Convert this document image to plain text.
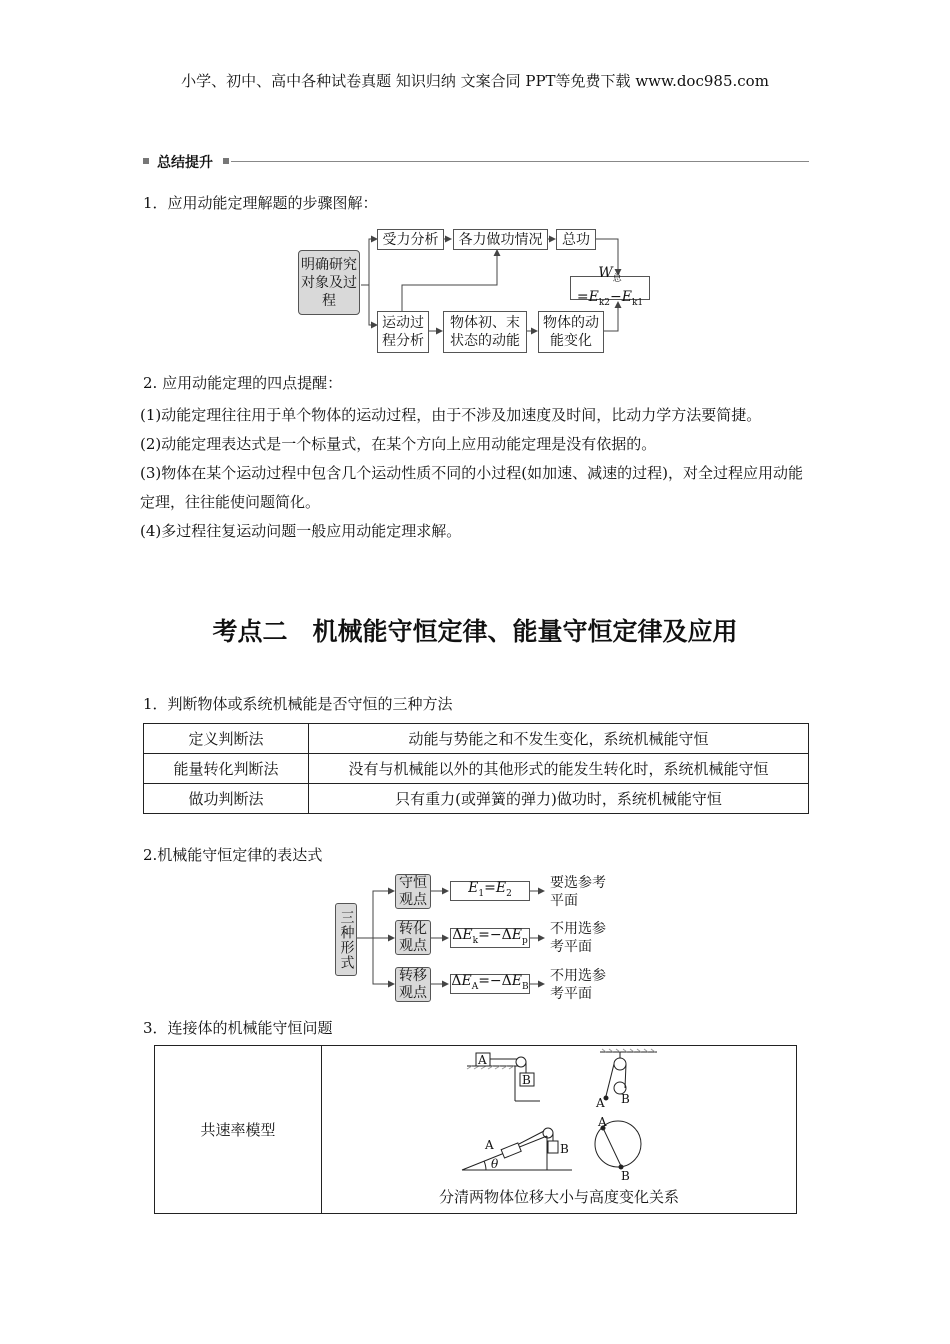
小学、初中、高中各种试卷真题 知识归纳 文案合同 PPT等免费下载 www.doc985.com
总结提升
1．应用动能定理解题的步骤图解：
明确研究对象及过程
受力分析	各力做功情况	总功
$W_总=E_{k2}-E_{k1}$
运动过程分析
物体初、末状态的动能
物体的动能变化
2. 应用动能定理的四点提醒：
(1)动能定理往往用于单个物体的运动过程，由于不涉及加速度及时间，比动力学方法要简捷。
(2)动能定理表达式是一个标量式，在某个方向上应用动能定理是没有依据的。
(3)物体在某个运动过程中包含几个运动性质不同的小过程(如加速、减速的过程)，对全过程应用动能定理，往往能使问题简化。
(4)多过程往复运动问题一般应用动能定理求解。
考点二　机械能守恒定律、能量守恒定律及应用
1．判断物体或系统机械能是否守恒的三种方法
定义判断法	动能与势能之和不发生变化，系统机械能守恒
能量转化判断法	没有与机械能以外的其他形式的能发生转化时，系统机械能守恒
做功判断法	只有重力(或弹簧的弹力)做功时，系统机械能守恒
2.机械能守恒定律的表达式
三种形式
守恒观点
$E_1=E_2$
要选参考平面
转化观点
$\Delta E_k=-\Delta E_p$
不用选参考平面
转移观点
$\Delta E_A=-\Delta E_B$
不用选参考平面
3．连接体的机械能守恒问题
共速率模型	
A
B
A B
A	B
θ
A
B
分清两物体位移大小与高度变化关系
